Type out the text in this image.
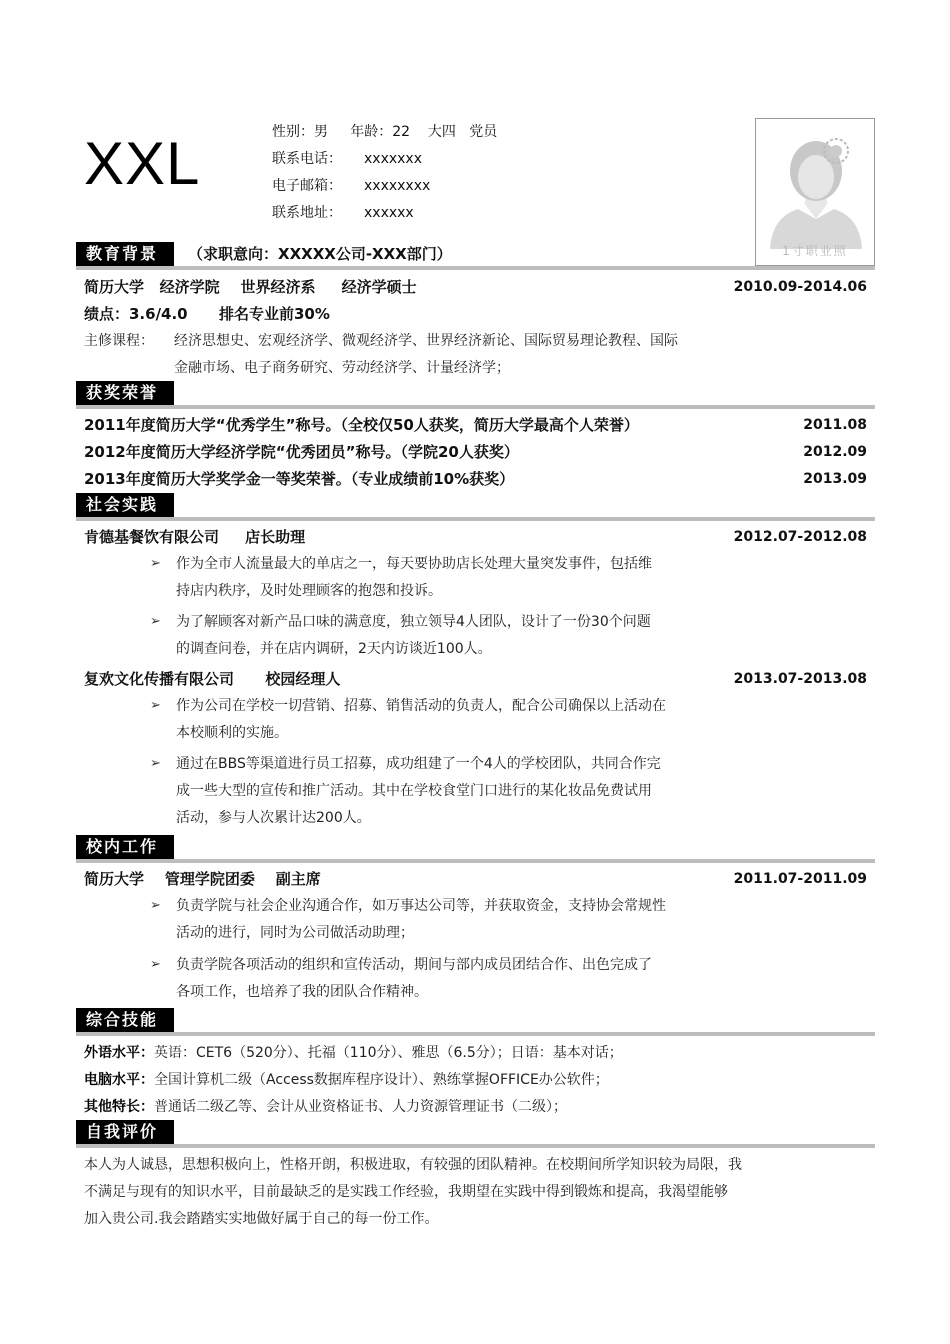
XXL	性别：男 年龄：22 大四 党员
联系电话： xxxxxxx
电子邮箱： xxxxxxxx
联系地址： xxxxxx
1寸职业照
教育背景	（求职意向：XXXXX公司-XXX部门）
简历大学   经济学院    世界经济系     经济学硕士	2010.09-2014.06
绩点：3.6/4.0      排名专业前30%
主修课程： 经济思想史、宏观经济学、微观经济学、世界经济新论、国际贸易理论教程、国际
金融市场、电子商务研究、劳动经济学、计量经济学；
获奖荣誉
2011年度简历大学“优秀学生”称号。（全校仅50人获奖，简历大学最高个人荣誉）	2011.08
2012年度简历大学经济学院“优秀团员”称号。（学院20人获奖）	2012.09
2013年度简历大学奖学金一等奖荣誉。（专业成绩前10%获奖）	2013.09
社会实践
肯德基餐饮有限公司     店长助理	2012.07-2012.08
➢ 作为全市人流量最大的单店之一，每天要协助店长处理大量突发事件，包括维
持店内秩序，及时处理顾客的抱怨和投诉。
➢ 为了解顾客对新产品口味的满意度，独立领导4人团队，设计了一份30个问题
的调查问卷，并在店内调研，2天内访谈近100人。
复欢文化传播有限公司      校园经理人	2013.07-2013.08
➢ 作为公司在学校一切营销、招募、销售活动的负责人，配合公司确保以上活动在
本校顺利的实施。
➢ 通过在BBS等渠道进行员工招募，成功组建了一个4人的学校团队，共同合作完
成一些大型的宣传和推广活动。其中在学校食堂门口进行的某化妆品免费试用
活动，参与人次累计达200人。
校内工作
简历大学    管理学院团委    副主席	2011.07-2011.09
➢ 负责学院与社会企业沟通合作，如万事达公司等，并获取资金，支持协会常规性
活动的进行，同时为公司做活动助理；
➢ 负责学院各项活动的组织和宣传活动，期间与部内成员团结合作、出色完成了
各项工作，也培养了我的团队合作精神。
综合技能
外语水平：英语：CET6（520分）、托福（110分）、雅思（6.5分）；日语：基本对话；
电脑水平：全国计算机二级（Access数据库程序设计）、熟练掌握OFFICE办公软件；
其他特长：普通话二级乙等、会计从业资格证书、人力资源管理证书（二级）；
自我评价
本人为人诚恳，思想积极向上，性格开朗，积极进取，有较强的团队精神。在校期间所学知识较为局限，我
不满足与现有的知识水平，目前最缺乏的是实践工作经验，我期望在实践中得到锻炼和提高，我渴望能够
加入贵公司.我会踏踏实实地做好属于自己的每一份工作。
